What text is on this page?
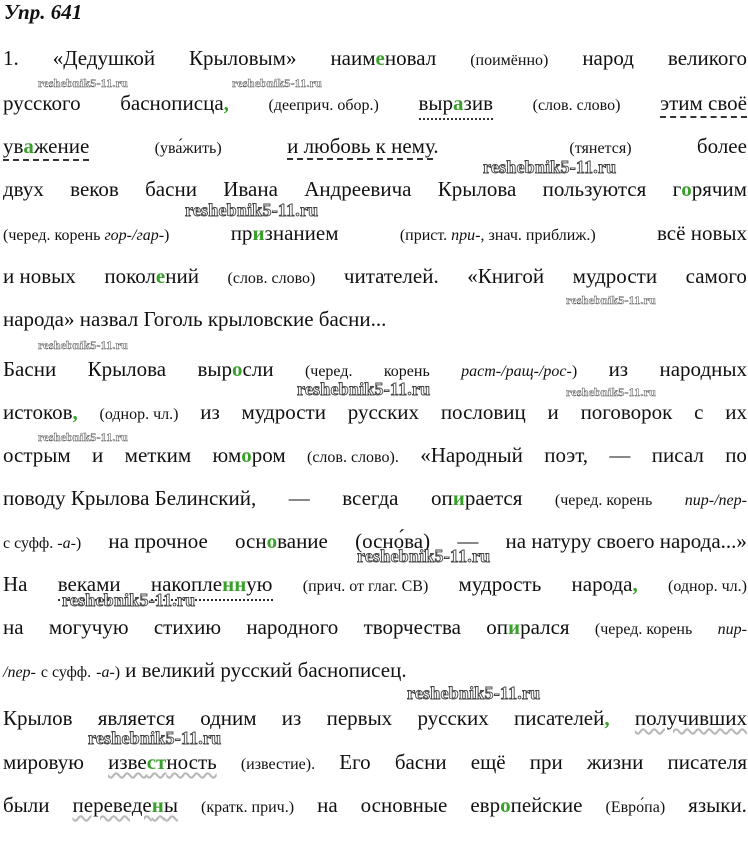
Упр. 641
1. «Дедушкой Крыловым» наименовал (поимённо) народ великого
русского баснописца, (дееприч. обор.) выразив (слов. слово) этим своё
уважение	(ува́жить)	и любовь к нему.	(тянется)	более
двух веков басни Ивана Андреевича Крылова пользуются горячим
(черед. корень гор-/гар-)	признанием	(прист. при-, знач. приближ.)	всё новых
и новых поколений (слов. слово) читателей. «Книгой мудрости самого
народа» назвал Гоголь крыловские басни...
Басни Крылова выросли (черед. корень раст-/ращ-/рос-) из народных
истоков, (однор. чл.) из мудрости русских пословиц и поговорок с их
острым и метким юмором (слов. слово). «Народный поэт, — писал по
поводу Крылова Белинский, — всегда опирается (черед. корень пир-/пер-
с суфф. -а-) на прочное основание (осно́ва) — на натуру своего народа...»
На веками накопленную (прич. от глаг. СВ) мудрость народа, (однор. чл.)
на могучую стихию народного творчества опирался (черед. корень пир-
/пер- с суфф. -а-) и великий русский баснописец.
Крылов является одним из первых русских писателей, получивших
мировую известность (известие). Его басни ещё при жизни писателя
были переведены (кратк. прич.) на основные европейские (Евро́па) языки.
reshebnik5-11.ru	reshebnik5-11.ru
reshebnik5-11.ru
reshebnik5-11.ru
reshebnik5-11.ru
reshebnik5-11.ru
reshebnik5-11.ru	reshebnik5-11.ru
reshebnik5-11.ru
reshebnik5-11.ru
reshebnik5-11.ru
reshebnik5-11.ru
reshebnik5-11.ru
